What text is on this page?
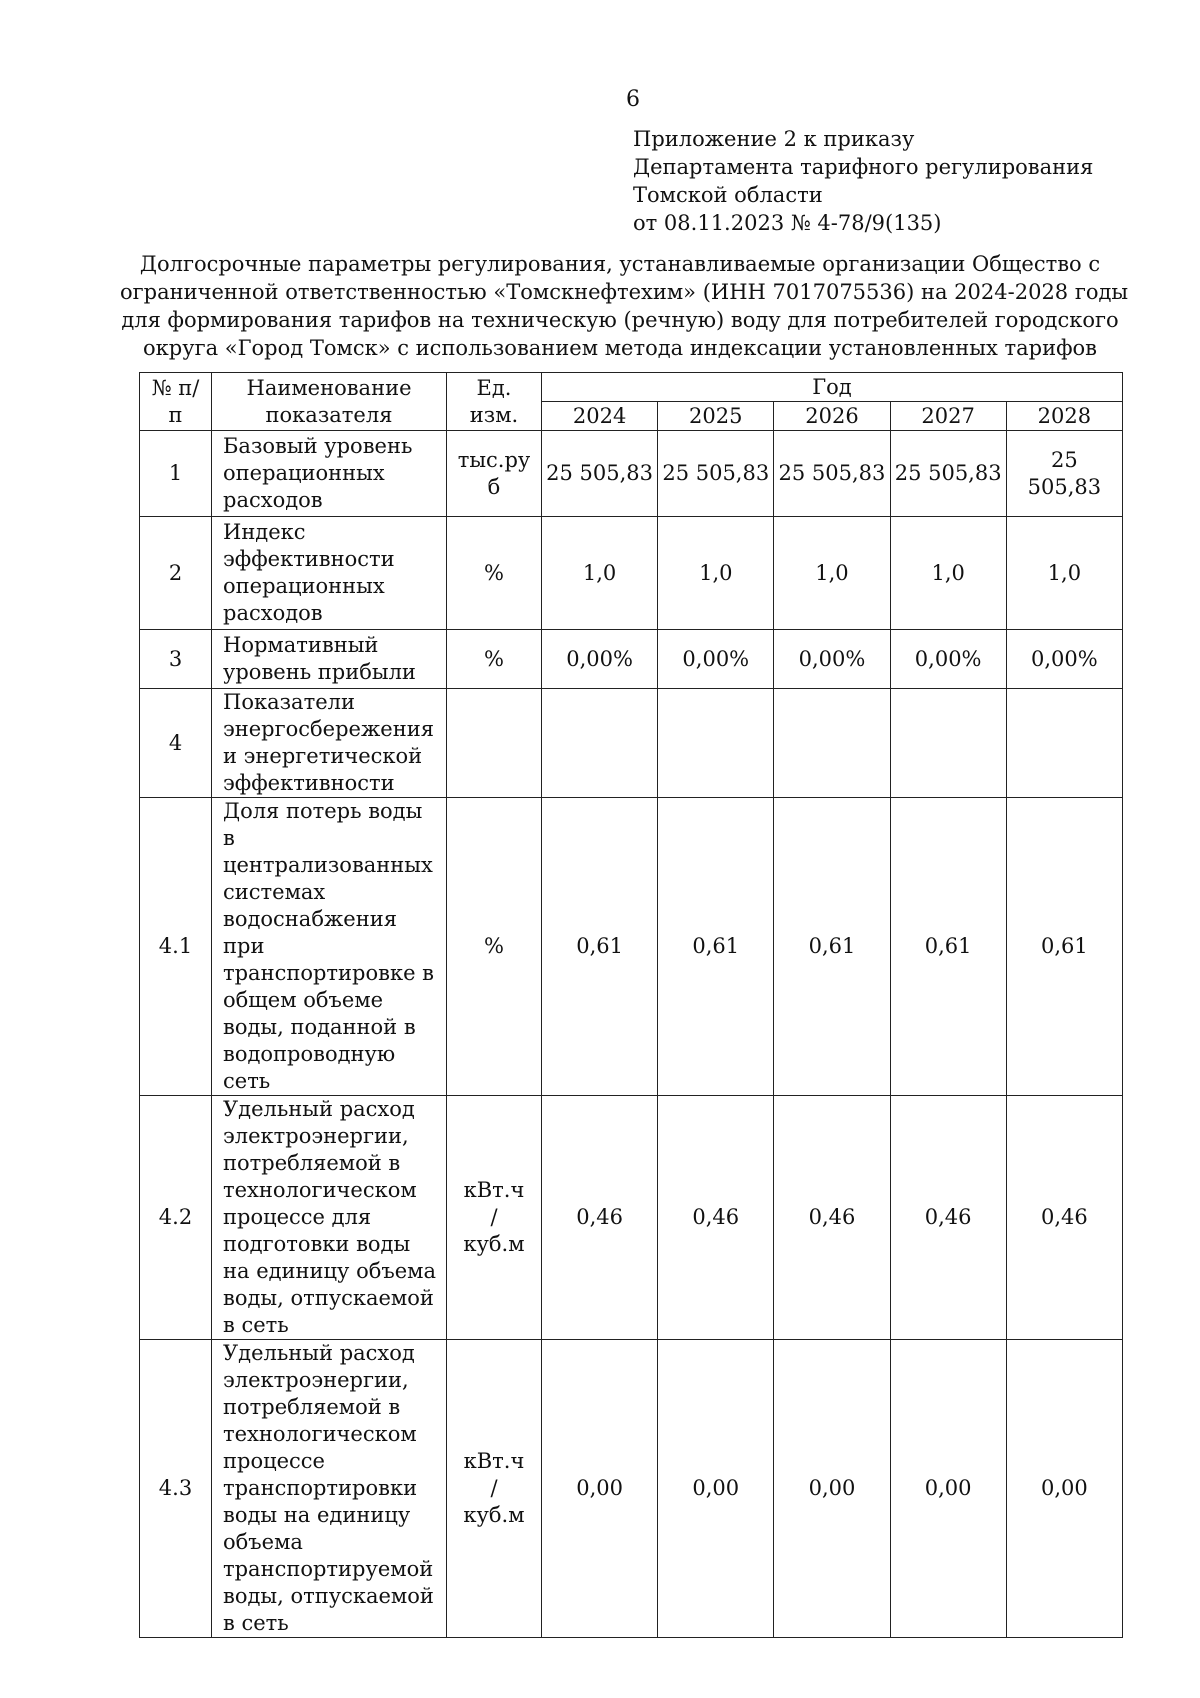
6
Приложение 2 к приказу
Департамента тарифного регулирования
Томской области
от 08.11.2023 № 4-78/9(135)
Долгосрочные параметры регулирования, устанавливаемые организации Общество с
ограниченной ответственностью «Томскнефтехим» (ИНН 7017075536) на 2024-2028 годы
для формирования тарифов на техническую (речную) воду для потребителей городского
округа «Город Томск» с использованием метода индексации установленных тарифов
№ п/п	Наименование показателя	Ед. изм.	Год				
			2024	2025	2026	2027	2028
1	Базовый уровень операционных расходов	тыс.ру б	25 505,83	25 505,83	25 505,83	25 505,83	25 505,83
2	Индекс эффективности операционных расходов	%	1,0	1,0	1,0	1,0	1,0
3	Нормативный уровень прибыли	%	0,00%	0,00%	0,00%	0,00%	0,00%
4	Показатели энергосбережения и энергетической эффективности						
4.1	Доля потерь воды в централизованных системах водоснабжения при транспортировке в общем объеме воды, поданной в водопроводную сеть	%	0,61	0,61	0,61	0,61	0,61
4.2	Удельный расход электроэнергии, потребляемой в технологическом процессе для подготовки воды на единицу объема воды, отпускаемой в сеть	кВт.ч / куб.м	0,46	0,46	0,46	0,46	0,46
4.3	Удельный расход электроэнергии, потребляемой в технологическом процессе транспортировки воды на единицу объема транспортируемой воды, отпускаемой в сеть	кВт.ч / куб.м	0,00	0,00	0,00	0,00	0,00
